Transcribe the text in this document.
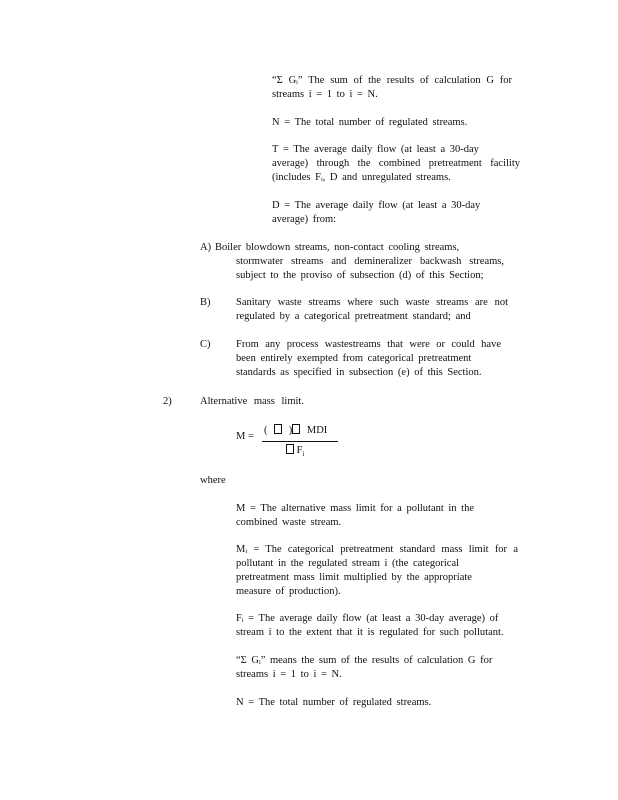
“Σ Gᵢ” The sum of the results of calculation G for
streams i = 1 to i = N.
N = The total number of regulated streams.
T = The average daily flow (at least a 30-day
average) through the combined pretreatment facility
(includes Fᵢ, D and unregulated streams.
D = The average daily flow (at least a 30-day
average) from:
A) Boiler blowdown streams, non-contact cooling streams,
stormwater streams and demineralizer backwash streams,
subject to the proviso of subsection (d) of this Section;
B) Sanitary waste streams where such waste streams are not
regulated by a categorical pretreatment standard; and
C) From any process wastestreams that were or could have
been entirely exempted from categorical pretreatment
standards as specified in subsection (e) of this Section.
2)	Alternative mass limit.
M =
( ) MDI
$F_i$
where
M = The alternative mass limit for a pollutant in the
combined waste stream.
Mᵢ = The categorical pretreatment standard mass limit for a
pollutant in the regulated stream i (the categorical
pretreatment mass limit multiplied by the appropriate
measure of production).
Fᵢ = The average daily flow (at least a 30-day average) of
stream i to the extent that it is regulated for such pollutant.
“Σ Gᵢ” means the sum of the results of calculation G for
streams i = 1 to i = N.
N = The total number of regulated streams.
